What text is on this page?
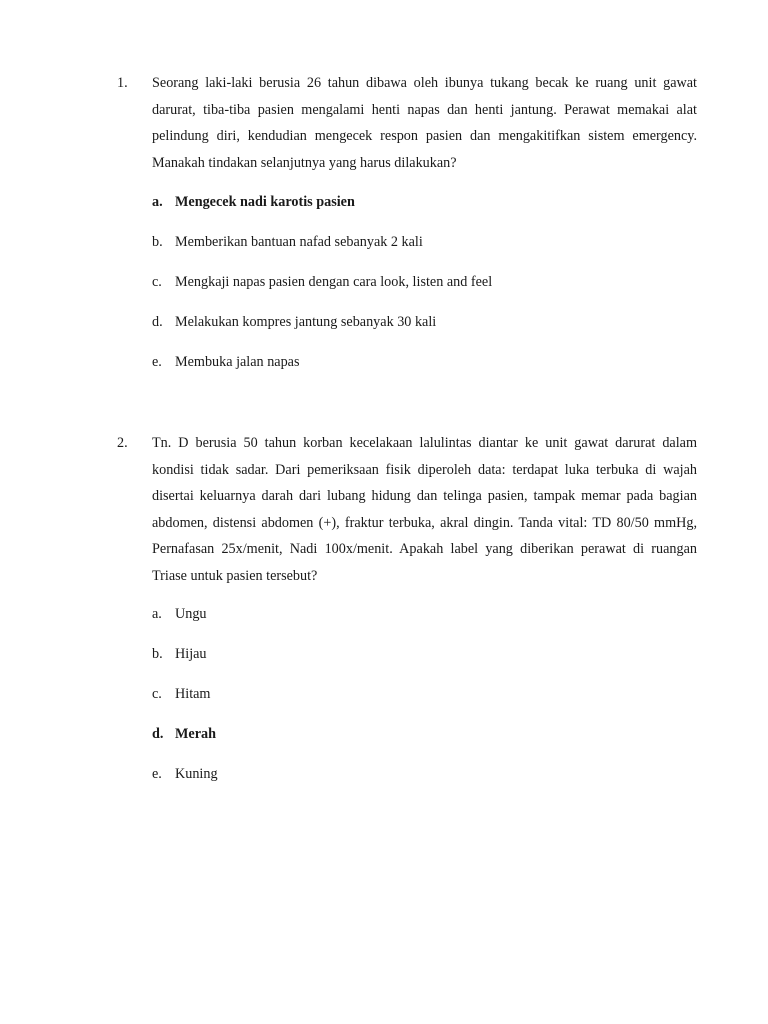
1. Seorang laki-laki berusia 26 tahun dibawa oleh ibunya tukang becak ke ruang unit gawat darurat, tiba-tiba pasien mengalami henti napas dan henti jantung. Perawat memakai alat pelindung diri, kendudian mengecek respon pasien dan mengakitifkan sistem emergency. Manakah tindakan selanjutnya yang harus dilakukan?

a. Mengecek nadi karotis pasien
b. Memberikan bantuan nafad sebanyak 2 kali
c. Mengkaji napas pasien dengan cara look, listen and feel
d. Melakukan kompres jantung sebanyak 30 kali
e. Membuka jalan napas
2. Tn. D berusia 50 tahun korban kecelakaan lalulintas diantar ke unit gawat darurat dalam kondisi tidak sadar. Dari pemeriksaan fisik diperoleh data: terdapat luka terbuka di wajah disertai keluarnya darah dari lubang hidung dan telinga pasien, tampak memar pada bagian abdomen, distensi abdomen (+), fraktur terbuka, akral dingin. Tanda vital: TD 80/50 mmHg, Pernafasan 25x/menit, Nadi 100x/menit. Apakah label yang diberikan perawat di ruangan Triase untuk pasien tersebut?

a. Ungu
b. Hijau
c. Hitam
d. Merah
e. Kuning
